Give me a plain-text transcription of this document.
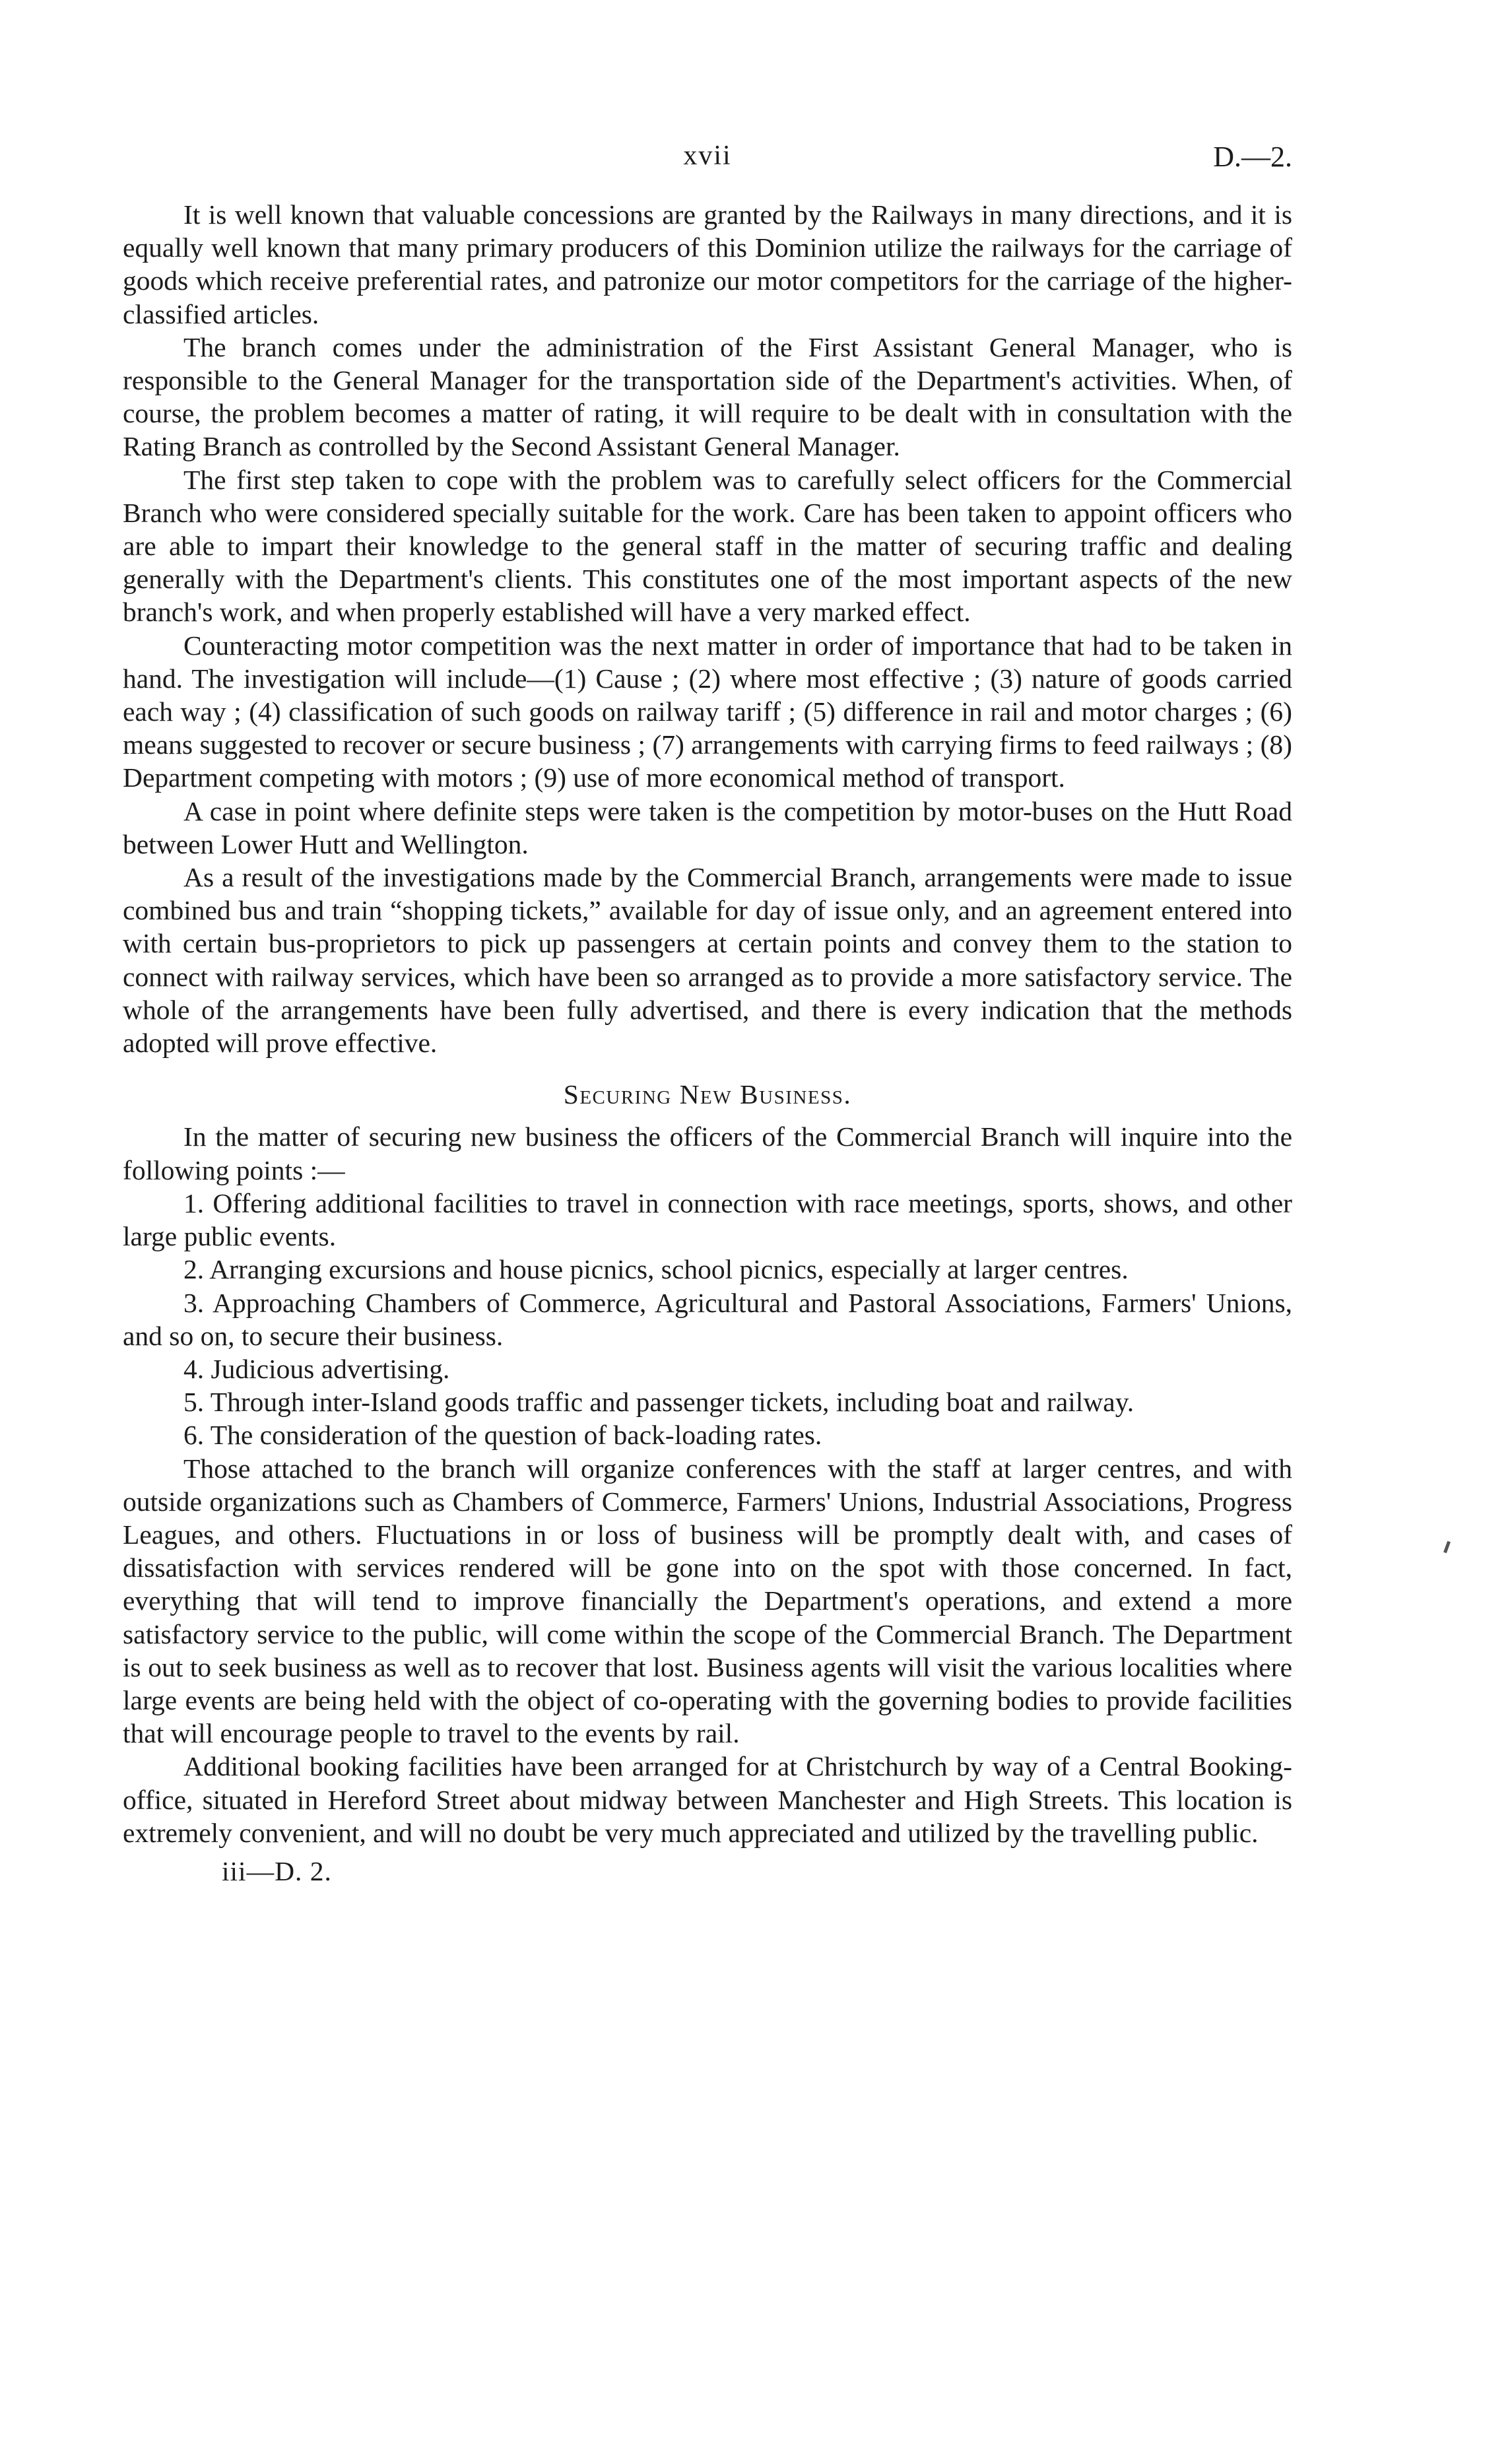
xvii	D.—2.

It is well known that valuable concessions are granted by the Railways in many directions, and it is equally well known that many primary producers of this Dominion utilize the railways for the carriage of goods which receive preferential rates, and patronize our motor competitors for the carriage of the higher-classified articles.

The branch comes under the administration of the First Assistant General Manager, who is responsible to the General Manager for the transportation side of the Department's activities. When, of course, the problem becomes a matter of rating, it will require to be dealt with in consultation with the Rating Branch as controlled by the Second Assistant General Manager.

The first step taken to cope with the problem was to carefully select officers for the Commercial Branch who were considered specially suitable for the work. Care has been taken to appoint officers who are able to impart their knowledge to the general staff in the matter of securing traffic and dealing generally with the Department's clients. This constitutes one of the most important aspects of the new branch's work, and when properly established will have a very marked effect.

Counteracting motor competition was the next matter in order of importance that had to be taken in hand. The investigation will include—(1) Cause ; (2) where most effective ; (3) nature of goods carried each way ; (4) classification of such goods on railway tariff ; (5) difference in rail and motor charges ; (6) means suggested to recover or secure business ; (7) arrangements with carrying firms to feed railways ; (8) Department competing with motors ; (9) use of more economical method of transport.

A case in point where definite steps were taken is the competition by motor-buses on the Hutt Road between Lower Hutt and Wellington.

As a result of the investigations made by the Commercial Branch, arrangements were made to issue combined bus and train “shopping tickets,” available for day of issue only, and an agreement entered into with certain bus-proprietors to pick up passengers at certain points and convey them to the station to connect with railway services, which have been so arranged as to provide a more satisfactory service. The whole of the arrangements have been fully advertised, and there is every indication that the methods adopted will prove effective.

Securing New Business.

In the matter of securing new business the officers of the Commercial Branch will inquire into the following points :—

1. Offering additional facilities to travel in connection with race meetings, sports, shows, and other large public events.

2. Arranging excursions and house picnics, school picnics, especially at larger centres.

3. Approaching Chambers of Commerce, Agricultural and Pastoral Associations, Farmers' Unions, and so on, to secure their business.

4. Judicious advertising.

5. Through inter-Island goods traffic and passenger tickets, including boat and railway.

6. The consideration of the question of back-loading rates.

Those attached to the branch will organize conferences with the staff at larger centres, and with outside organizations such as Chambers of Commerce, Farmers' Unions, Industrial Associations, Progress Leagues, and others. Fluctuations in or loss of business will be promptly dealt with, and cases of dissatisfaction with services rendered will be gone into on the spot with those concerned. In fact, everything that will tend to improve financially the Department's operations, and extend a more satisfactory service to the public, will come within the scope of the Commercial Branch. The Department is out to seek business as well as to recover that lost. Business agents will visit the various localities where large events are being held with the object of co-operating with the governing bodies to provide facilities that will encourage people to travel to the events by rail.

Additional booking facilities have been arranged for at Christchurch by way of a Central Booking-office, situated in Hereford Street about midway between Manchester and High Streets. This location is extremely convenient, and will no doubt be very much appreciated and utilized by the travelling public.

iii—D. 2.
